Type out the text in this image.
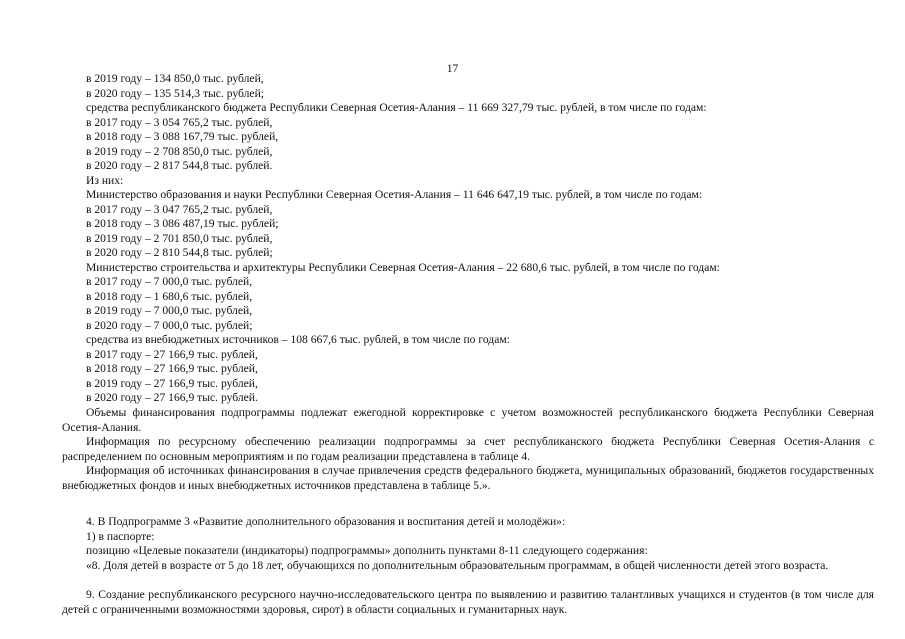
17
в 2019 году – 134 850,0 тыс. рублей,
в 2020 году – 135 514,3 тыс. рублей;
средства республиканского бюджета Республики Северная Осетия-Алания – 11 669 327,79 тыс. рублей, в том числе по годам:
в 2017 году – 3 054 765,2 тыс. рублей,
в 2018 году – 3 088 167,79 тыс. рублей,
в 2019 году – 2 708 850,0 тыс. рублей,
в 2020 году – 2 817 544,8 тыс. рублей.
Из них:
Министерство образования и науки Республики Северная Осетия-Алания – 11 646 647,19 тыс. рублей, в том числе по годам:
в 2017 году – 3 047 765,2 тыс. рублей,
в 2018 году – 3 086 487,19 тыс. рублей;
в 2019 году – 2 701 850,0 тыс. рублей,
в 2020 году – 2 810 544,8 тыс. рублей;
Министерство строительства и архитектуры Республики Северная Осетия-Алания – 22 680,6 тыс. рублей, в том числе по годам:
в 2017 году – 7 000,0 тыс. рублей,
в 2018 году – 1 680,6 тыс. рублей,
в 2019 году – 7 000,0 тыс. рублей,
в 2020 году – 7 000,0 тыс. рублей;
средства из внебюджетных источников – 108 667,6 тыс. рублей, в том числе по годам:
в 2017 году – 27 166,9 тыс. рублей,
в 2018 году – 27 166,9 тыс. рублей,
в 2019 году – 27 166,9 тыс. рублей,
в 2020 году – 27 166,9 тыс. рублей.
Объемы финансирования подпрограммы подлежат ежегодной корректировке с учетом возможностей республиканского бюджета Республики Северная Осетия-Алания.
Информация по ресурсному обеспечению реализации подпрограммы за счет республиканского бюджета Республики Северная Осетия-Алания с распределением по основным мероприятиям и по годам реализации представлена в таблице 4.
Информация об источниках финансирования в случае привлечения средств федерального бюджета, муниципальных образований, бюджетов государственных внебюджетных фондов и иных внебюджетных источников представлена в таблице 5.».
4. В Подпрограмме 3 «Развитие дополнительного образования и воспитания детей и молодёжи»:
1) в паспорте:
позицию «Целевые показатели (индикаторы) подпрограммы» дополнить пунктами 8-11 следующего содержания:
«8. Доля детей в возрасте от 5 до 18 лет, обучающихся по дополнительным образовательным программам, в общей численности детей этого возраста.
9. Создание республиканского ресурсного научно-исследовательского центра по выявлению и развитию талантливых учащихся и студентов (в том числе для детей с ограниченными возможностями здоровья, сирот) в области социальных и гуманитарных наук.
